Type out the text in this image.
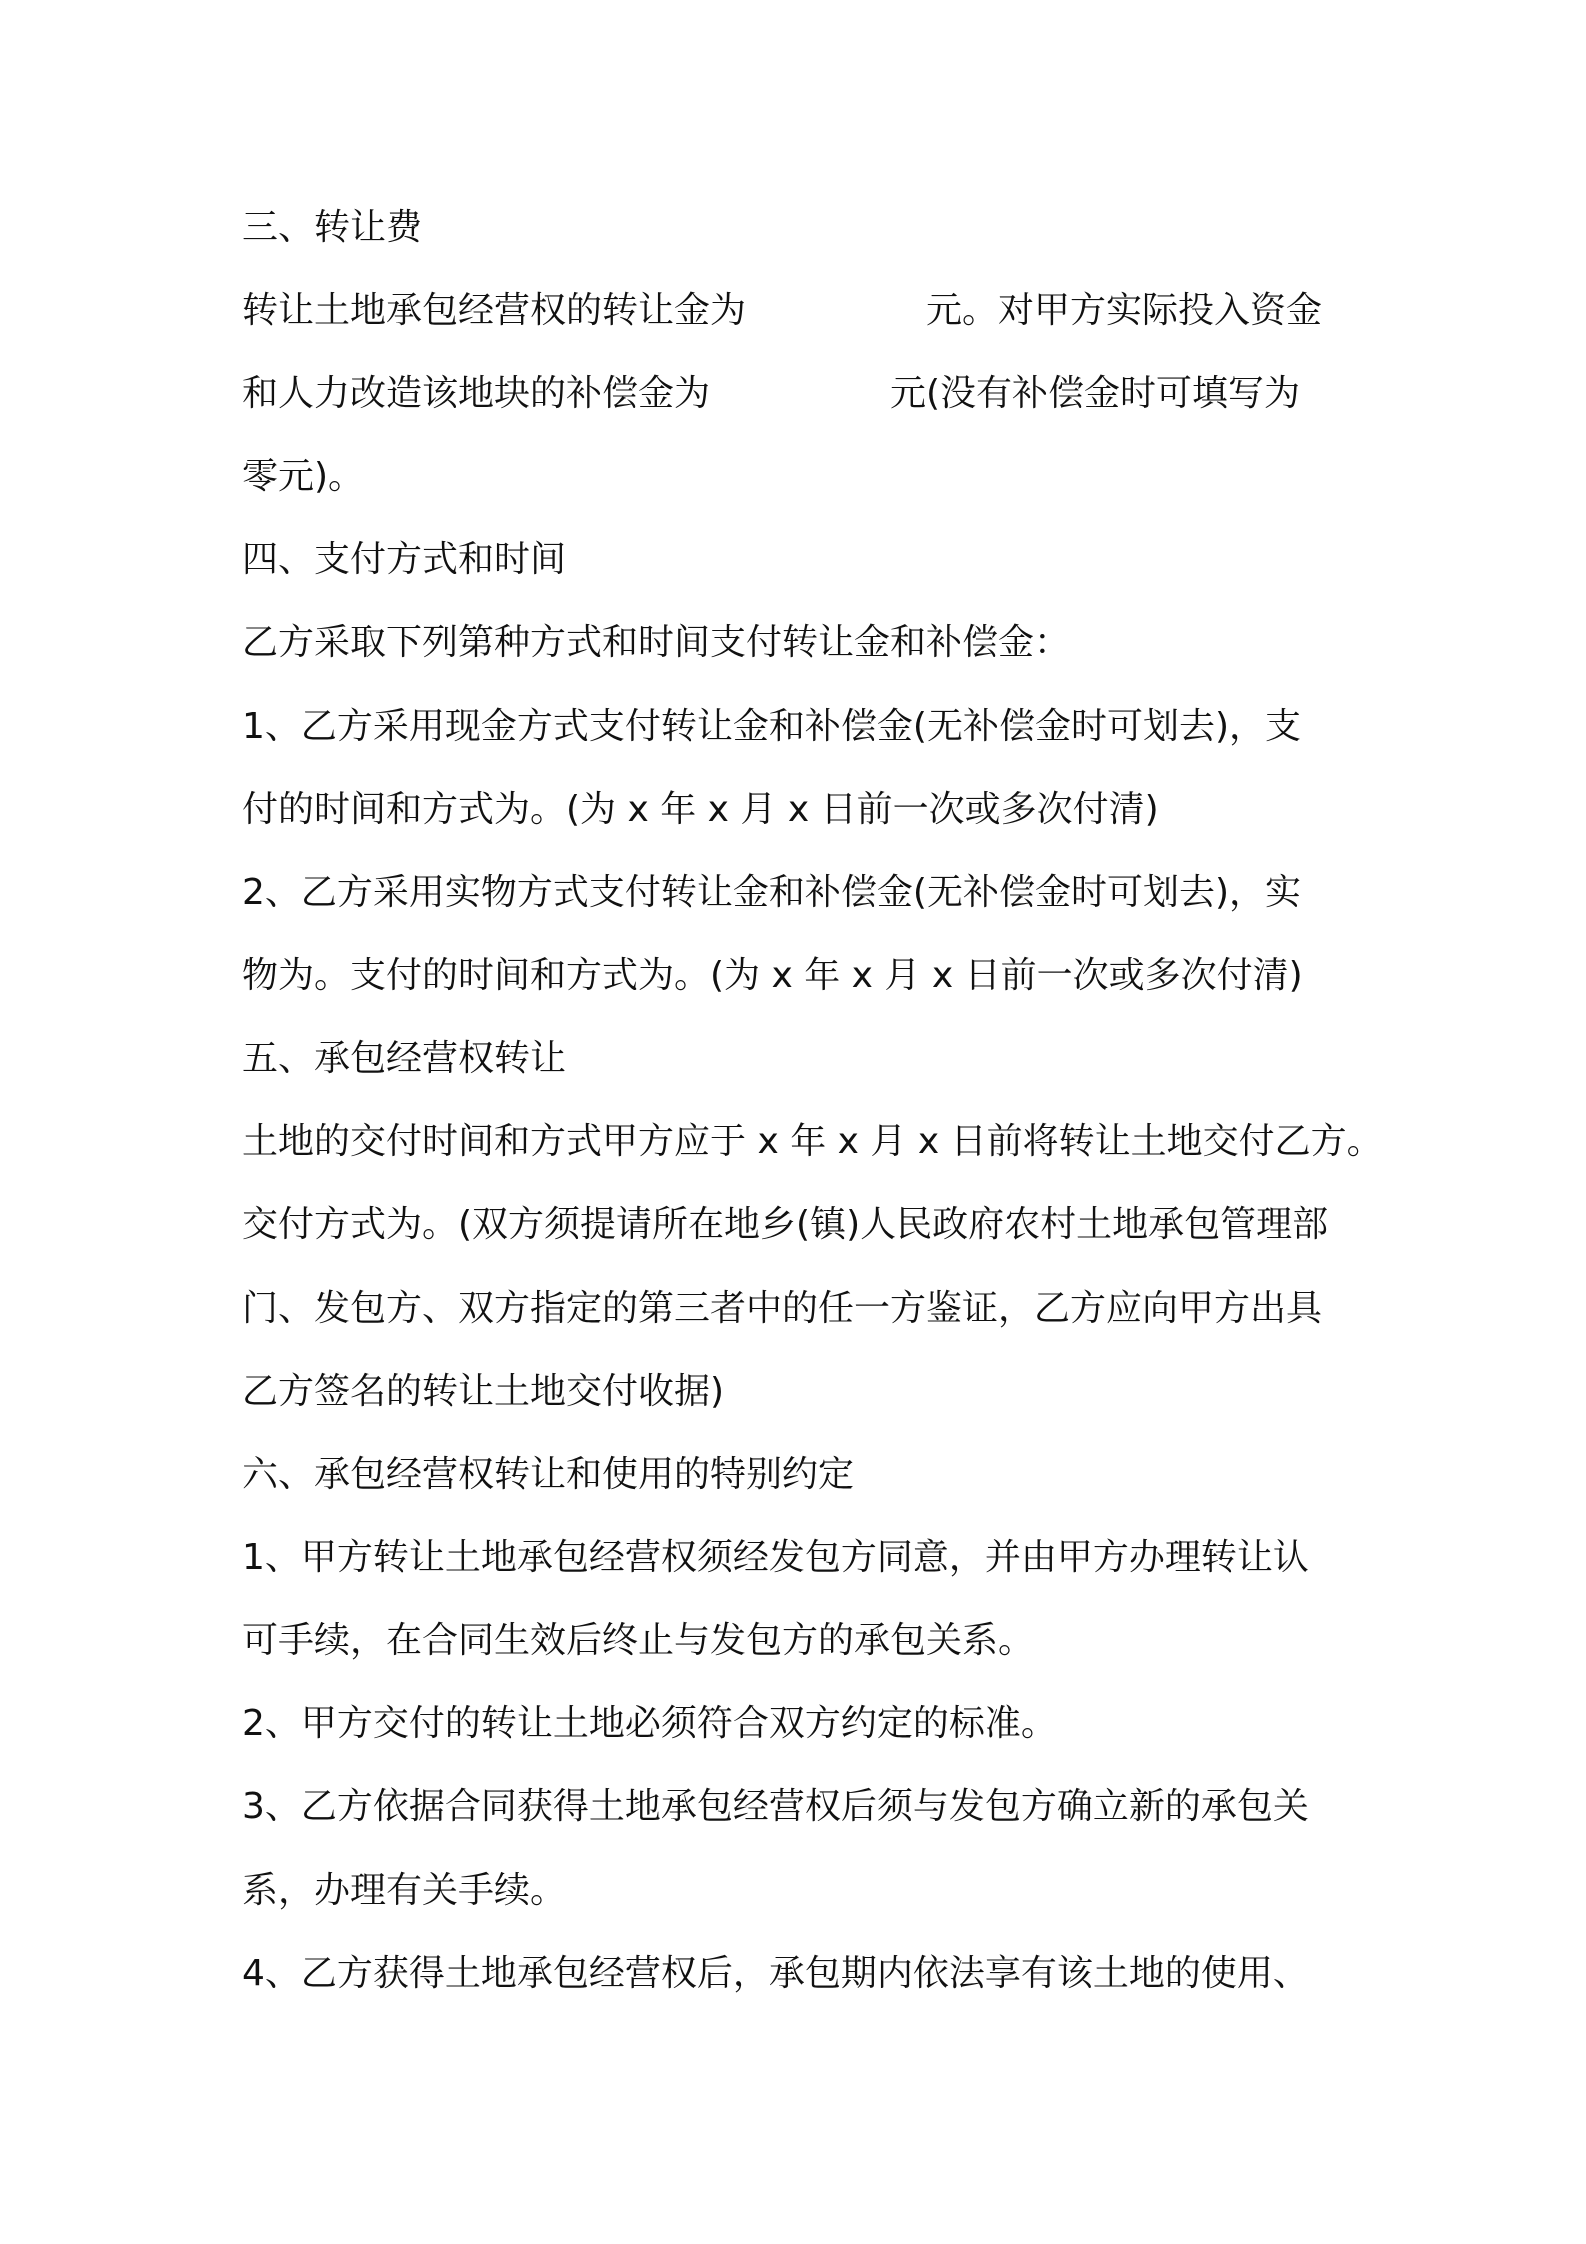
三、转让费
转让土地承包经营权的转让金为　　　　　元。对甲方实际投入资金
和人力改造该地块的补偿金为　　　　　元(没有补偿金时可填写为
零元)。
四、支付方式和时间
乙方采取下列第种方式和时间支付转让金和补偿金：
1、乙方采用现金方式支付转让金和补偿金(无补偿金时可划去)，支
付的时间和方式为。(为 x 年 x 月 x 日前一次或多次付清)
2、乙方采用实物方式支付转让金和补偿金(无补偿金时可划去)，实
物为。支付的时间和方式为。(为 x 年 x 月 x 日前一次或多次付清)
五、承包经营权转让
土地的交付时间和方式甲方应于 x 年 x 月 x 日前将转让土地交付乙方。
交付方式为。(双方须提请所在地乡(镇)人民政府农村土地承包管理部
门、发包方、双方指定的第三者中的任一方鉴证，乙方应向甲方出具
乙方签名的转让土地交付收据)
六、承包经营权转让和使用的特别约定
1、甲方转让土地承包经营权须经发包方同意，并由甲方办理转让认
可手续，在合同生效后终止与发包方的承包关系。
2、甲方交付的转让土地必须符合双方约定的标准。
3、乙方依据合同获得土地承包经营权后须与发包方确立新的承包关
系，办理有关手续。
4、乙方获得土地承包经营权后，承包期内依法享有该土地的使用、
